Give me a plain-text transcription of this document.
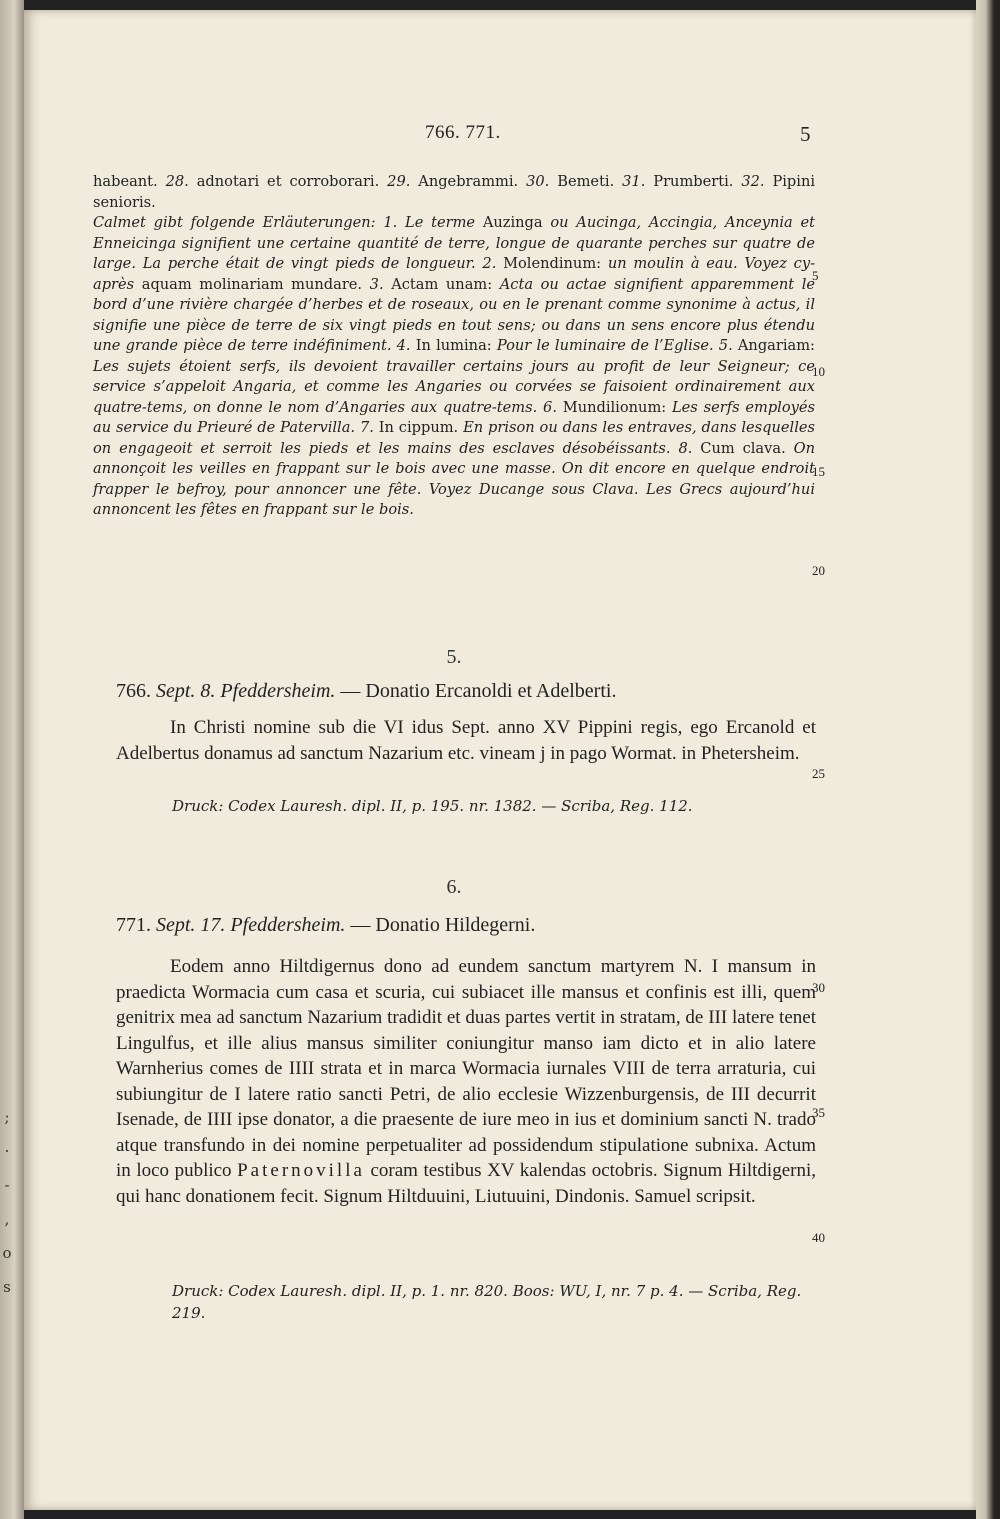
;
·
-
,
o
s
766. 771.	5

habeant. 28. adnotari et corroborari. 29. Angebrammi. 30. Bemeti. 31. Prumberti. 32. Pipini senioris.
Calmet gibt folgende Erläuterungen: 1. Le terme Auzinga ou Aucinga, Accingia, Anceynia et Enneicinga signifient une certaine quantité de terre, longue de quarante perches sur quatre de large. La perche était de vingt pieds de longueur. 2. Molendinum: un moulin à eau. Voyez cy-après aquam molinariam mundare. 3. Actam unam: Acta ou actae signifient apparemment le bord d’une rivière chargée d’herbes et de roseaux, ou en le prenant comme synonime à actus, il signifie une pièce de terre de six vingt pieds en tout sens; ou dans un sens encore plus étendu une grande pièce de terre indéfiniment. 4. In lumina: Pour le luminaire de l’Eglise. 5. Angariam: Les sujets étoient serfs, ils devoient travailler certains jours au profit de leur Seigneur; ce service s’appeloit Angaria, et comme les Angaries ou corvées se faisoient ordinairement aux quatre-tems, on donne le nom d’Angaries aux quatre-tems. 6. Mundilionum: Les serfs employés au service du Prieuré de Patervilla. 7. In cippum. En prison ou dans les entraves, dans lesquelles on engageoit et serroit les pieds et les mains des esclaves désobéissants. 8. Cum clava. On annonçoit les veilles en frappant sur le bois avec une masse. On dit encore en quelque endroit frapper le befroy, pour annoncer une fête. Voyez Ducange sous Clava. Les Grecs aujourd’hui annoncent les fêtes en frappant sur le bois.

5.
766. Sept. 8. Pfeddersheim. — Donatio Ercanoldi et Adelberti.

In Christi nomine sub die VI idus Sept. anno XV Pippini regis, ego Ercanold et Adelbertus donamus ad sanctum Nazarium etc. vineam j in pago Wormat. in Phetersheim.

Druck: Codex Lauresh. dipl. II, p. 195. nr. 1382. — Scriba, Reg. 112.
6.
771. Sept. 17. Pfeddersheim. — Donatio Hildegerni.

Eodem anno Hiltdigernus dono ad eundem sanctum martyrem N. I mansum in praedicta Wormacia cum casa et scuria, cui subiacet ille mansus et confinis est illi, quem genitrix mea ad sanctum Nazarium tradidit et duas partes vertit in stratam, de III latere tenet Lingulfus, et ille alius mansus similiter coniungitur manso iam dicto et in alio latere Warnherius comes de IIII strata et in marca Wormacia iurnales VIII de terra arraturia, cui subiungitur de I latere ratio sancti Petri, de alio ecclesie Wizzenburgensis, de III decurrit Isenade, de IIII ipse donator, a die praesente de iure meo in ius et dominium sancti N. trado atque transfundo in dei nomine perpetualiter ad possidendum stipulatione subnixa. Actum in loco publico Paternovilla coram testibus XV kalendas octobris. Signum Hiltdigerni, qui hanc donationem fecit. Signum Hiltduuini, Liutuuini, Dindonis. Samuel scripsit.

Druck: Codex Lauresh. dipl. II, p. 1. nr. 820. Boos: WU, I, nr. 7 p. 4. — Scriba, Reg. 219.
5
10
15
20
25
30
35
40
